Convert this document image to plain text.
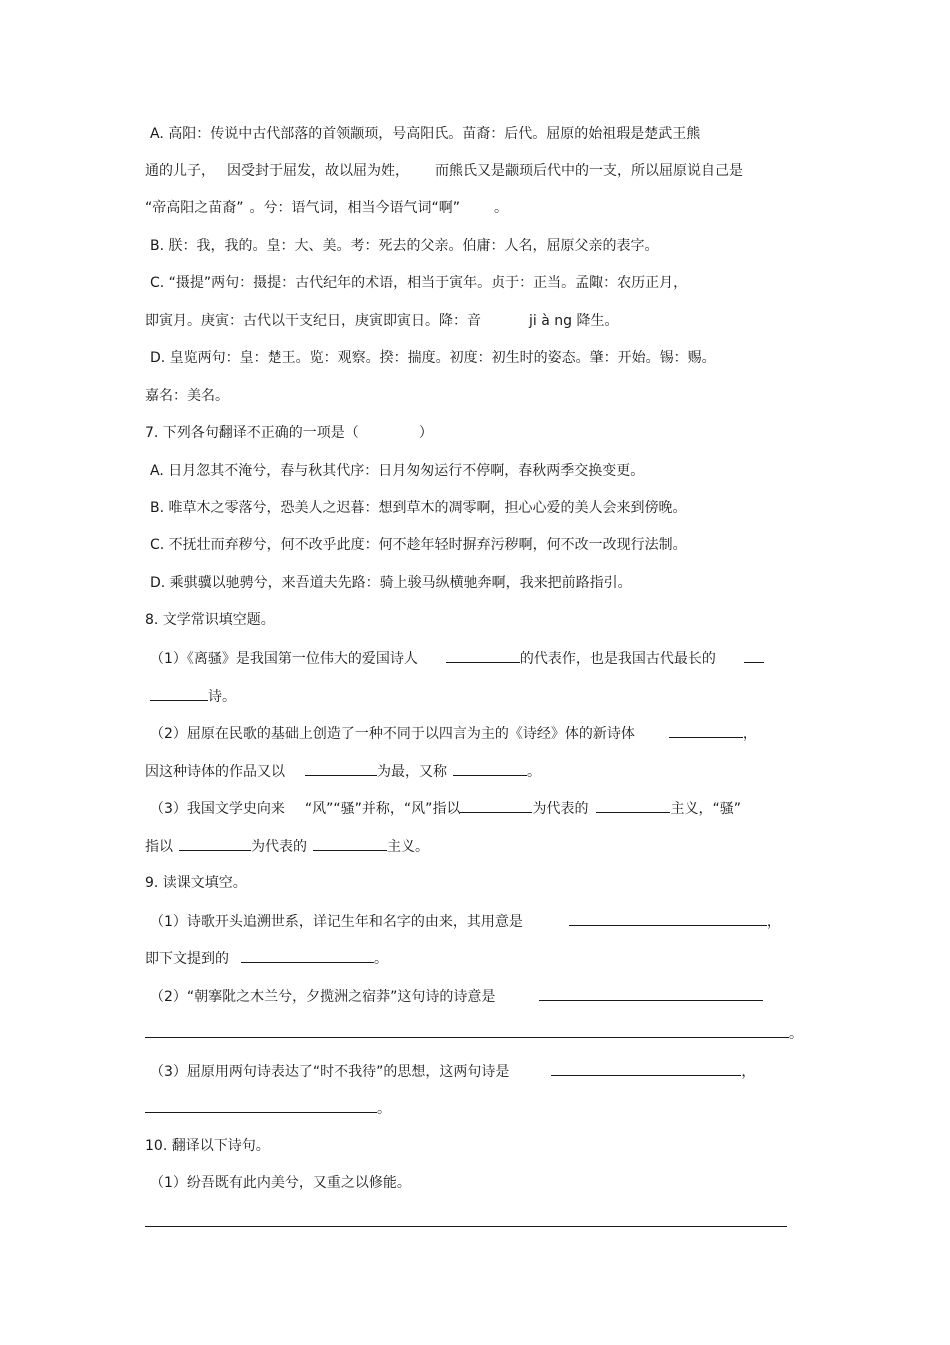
A. 高阳：传说中古代部落的首领颛顼，号高阳氏。苗裔：后代。屈原的始祖瑕是楚武王熊
通的儿子， 因受封于屈发，故以屈为姓， 而熊氏又是颛顼后代中的一支，所以屈原说自己是
“帝高阳之苗裔” 。兮：语气词，相当今语气词“啊” 。
B. 朕：我，我的。皇：大、美。考：死去的父亲。伯庸：人名，屈原父亲的表字。
C. “摄提”两句：摄提：古代纪年的术语，相当于寅年。贞于：正当。孟陬：农历正月，
即寅月。庚寅：古代以干支纪日，庚寅即寅日。降：音	ji à ng 降生。
D. 皇览两句：皇：楚王。览：观察。揆：揣度。初度：初生时的姿态。肇：开始。锡：赐。
嘉名：美名。
7. 下列各句翻译不正确的一项是（	）
A. 日月忽其不淹兮，春与秋其代序：日月匆匆运行不停啊，春秋两季交换变更。
B. 唯草木之零落兮，恐美人之迟暮：想到草木的凋零啊，担心心爱的美人会来到傍晚。
C. 不抚壮而弃秽兮，何不改乎此度：何不趁年轻时摒弃污秽啊，何不改一改现行法制。
D. 乘骐骥以驰骋兮，来吾道夫先路：骑上骏马纵横驰奔啊，我来把前路指引。
8. 文学常识填空题。
（1）《离骚》是我国第一位伟大的爱国诗人	的代表作，也是我国古代最长的
诗。
（2）屈原在民歌的基础上创造了一种不同于以四言为主的《诗经》体的新诗体	，
因这种诗体的作品又以	为最，又称	。
（3）我国文学史向来 “风”“骚”并称，“风”指以	为代表的	主义，“骚”
指以	为代表的	主义。
9. 读课文填空。
（1）诗歌开头追溯世系，详记生年和名字的由来，其用意是	，
即下文提到的	。
（2）“朝搴阰之木兰兮，夕揽洲之宿莽”这句诗的诗意是
。
（3）屈原用两句诗表达了“时不我待”的思想，这两句诗是	，
。
10. 翻译以下诗句。
（1）纷吾既有此内美兮，又重之以修能。
